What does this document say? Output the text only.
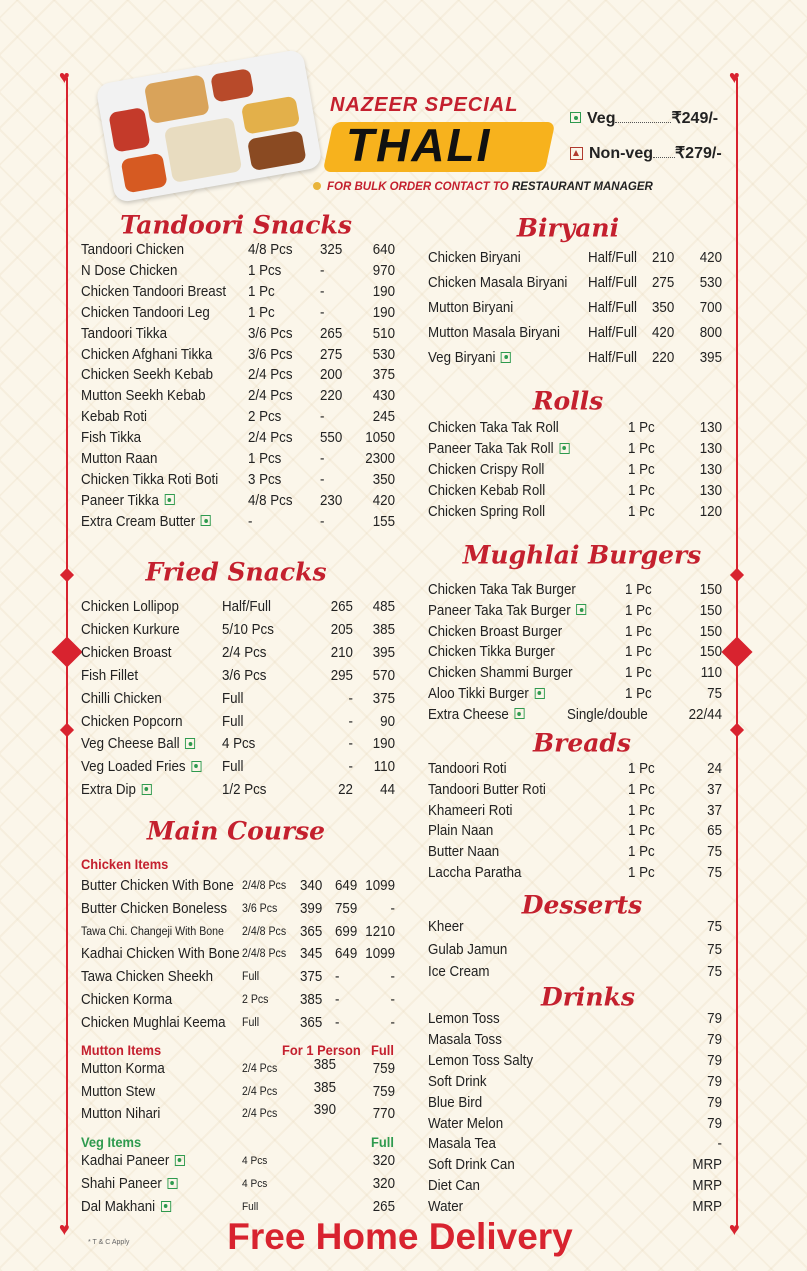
♥	♥
♥	♥
NAZEER SPECIAL
THALI
Veg	₹249/-
Non-veg ₹279/-
FOR BULK ORDER CONTACT TO RESTAURANT MANAGER
Tandoori Snacks
Fried Snacks
Main Course
Biryani
Rolls
Mughlai Burgers
Breads
Desserts
Drinks
Chicken Items
Mutton Items	For 1 Person Full
Veg Items	Full
Tandoori Chicken	4/8 Pcs 325 640
N Dose Chicken	1 Pcs	-	970
Chicken Tandoori Breast 1 Pc	-	190
Chicken Tandoori Leg	1 Pc	-	190
Tandoori Tikka	3/6 Pcs 265 510
Chicken Afghani Tikka 3/6 Pcs 275 530
Chicken Seekh Kebab 2/4 Pcs 200 375
Mutton Seekh Kebab	2/4 Pcs 220 430
Kebab Roti	2 Pcs	-	245
Fish Tikka	2/4 Pcs 550 1050
Mutton Raan	1 Pcs	-	2300
Chicken Tikka Roti Boti 3 Pcs	-	350
Paneer Tikka	4/8 Pcs 230 420
Extra Cream Butter	-	-	155
Chicken Lollipop	Half/Full	265 485
Chicken Kurkure	5/10 Pcs	205 385
Chicken Broast	2/4 Pcs	210 395
Fish Fillet	3/6 Pcs	295 570
Chilli Chicken	Full	- 375
Chicken Popcorn	Full	- 90
Veg Cheese Ball	4 Pcs	- 190
Veg Loaded Fries	Full	- 110
Extra Dip	1/2 Pcs	22 44
Butter Chicken With Bone 2/4/8 Pcs 340 649 1099
Butter Chicken Boneless 3/6 Pcs 399 759 -
Tawa Chi. Changeji With Bone 2/4/8 Pcs 365 699 1210
Kadhai Chicken With Bone 2/4/8 Pcs 345 649 1099
Tawa Chicken Sheekh	Full	375 -	-
Chicken Korma	2 Pcs 385 -	-
Chicken Mughlai Keema Full	365 -	-
Mutton Korma	2/4 Pcs	385	759
Mutton Stew	2/4 Pcs	385	759
Mutton Nihari	2/4 Pcs	390	770
Kadhai Paneer	4 Pcs	320
Shahi Paneer	4 Pcs	320
Dal Makhani	Full	265
Chicken Biryani	Half/Full 210 420
Chicken Masala Biryani Half/Full 275 530
Mutton Biryani	Half/Full 350 700
Mutton Masala Biryani Half/Full 420 800
Veg Biryani	Half/Full 220 395
Chicken Taka Tak Roll	1 Pc	130
Paneer Taka Tak Roll	1 Pc	130
Chicken Crispy Roll	1 Pc	130
Chicken Kebab Roll	1 Pc	130
Chicken Spring Roll	1 Pc	120
Chicken Taka Tak Burger	1 Pc	150
Paneer Taka Tak Burger	1 Pc	150
Chicken Broast Burger	1 Pc	150
Chicken Tikka Burger	1 Pc	150
Chicken Shammi Burger	1 Pc	110
Aloo Tikki Burger	1 Pc	75
Extra Cheese	Single/double	22/44
Tandoori Roti	1 Pc	24
Tandoori Butter Roti	1 Pc	37
Khameeri Roti	1 Pc	37
Plain Naan	1 Pc	65
Butter Naan	1 Pc	75
Laccha Paratha	1 Pc	75
Kheer	75
Gulab Jamun	75
Ice Cream	75
Lemon Toss	79
Masala Toss	79
Lemon Toss Salty	79
Soft Drink	79
Blue Bird	79
Water Melon	79
Masala Tea	-
Soft Drink Can	MRP
Diet Can	MRP
Water	MRP
Free Home Delivery
* T & C Apply
